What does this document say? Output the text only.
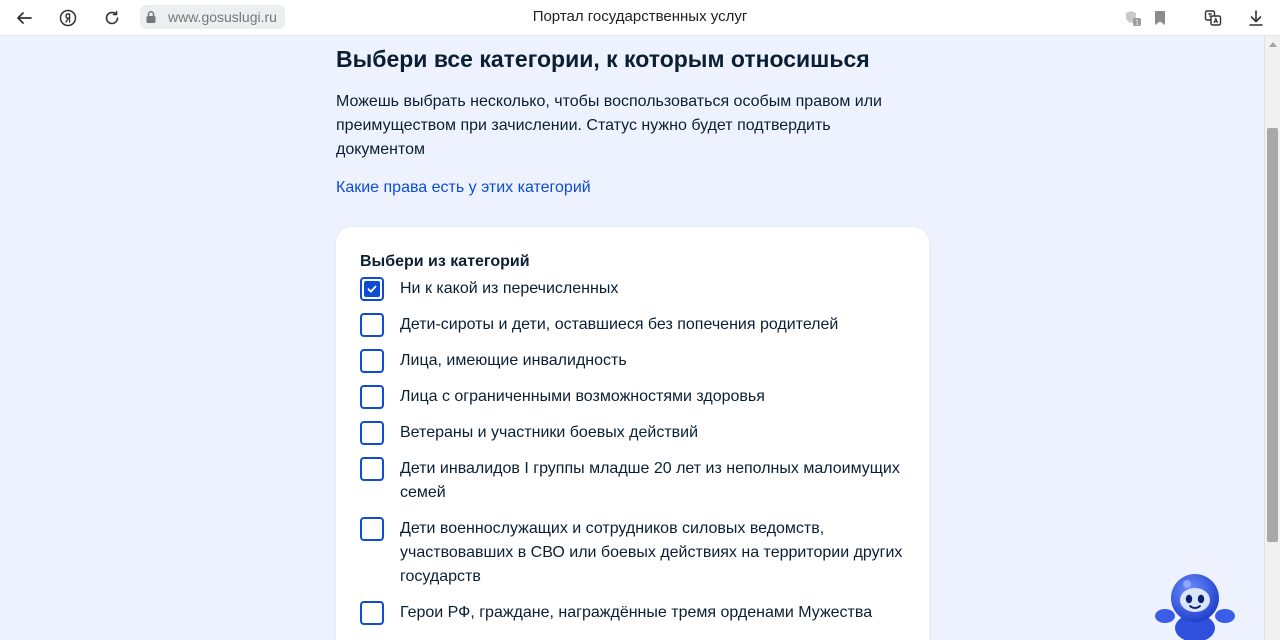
www.gosuslugi.ru	Портал государственных услуг	1
Выбери все категории, к которым относишься

Можешь выбрать несколько, чтобы воспользоваться особым правом или преимуществом при зачислении. Статус нужно будет подтвердить документом

Какие права есть у этих категорий
Выбери из категорий
Ни к какой из перечисленных
Дети-сироты и дети, оставшиеся без попечения родителей
Лица, имеющие инвалидность
Лица с ограниченными возможностями здоровья
Ветераны и участники боевых действий
Дети инвалидов I группы младше 20 лет из неполных малоимущих семей
Дети военнослужащих и сотрудников силовых ведомств, участвовавших в СВО или боевых действиях на территории других государств
Герои РФ, граждане, награждённые тремя орденами Мужества
